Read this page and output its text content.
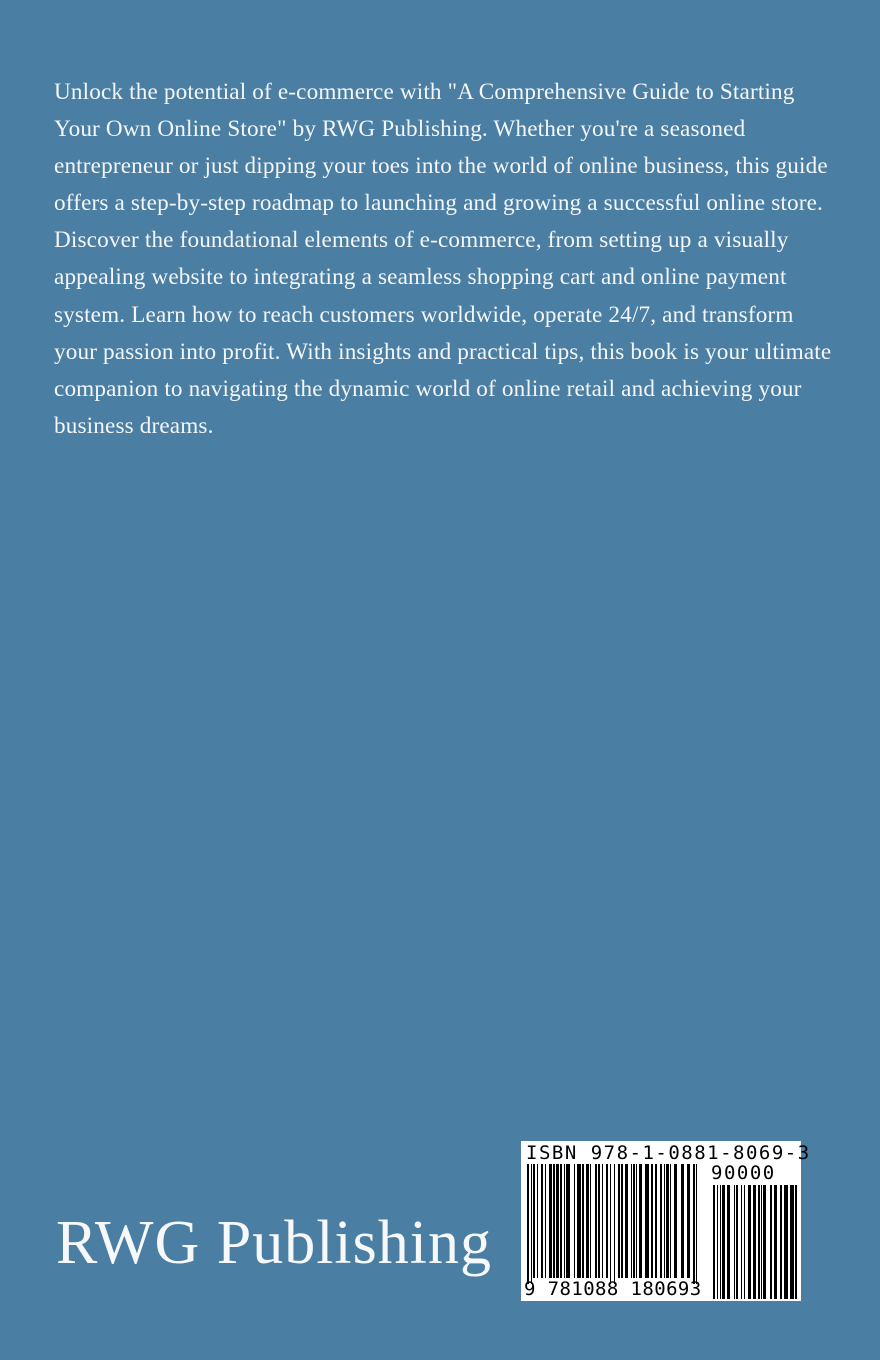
Unlock the potential of e-commerce with "A Comprehensive Guide to Starting Your Own Online Store" by RWG Publishing. Whether you're a seasoned entrepreneur or just dipping your toes into the world of online business, this guide offers a step-by-step roadmap to launching and growing a successful online store. Discover the foundational elements of e-commerce, from setting up a visually appealing website to integrating a seamless shopping cart and online payment system. Learn how to reach customers worldwide, operate 24/7, and transform your passion into profit. With insights and practical tips, this book is your ultimate companion to navigating the dynamic world of online retail and achieving your business dreams.

RWG Publishing
ISBN 978-1-0881-8069-3
90000
9 781088 180693
